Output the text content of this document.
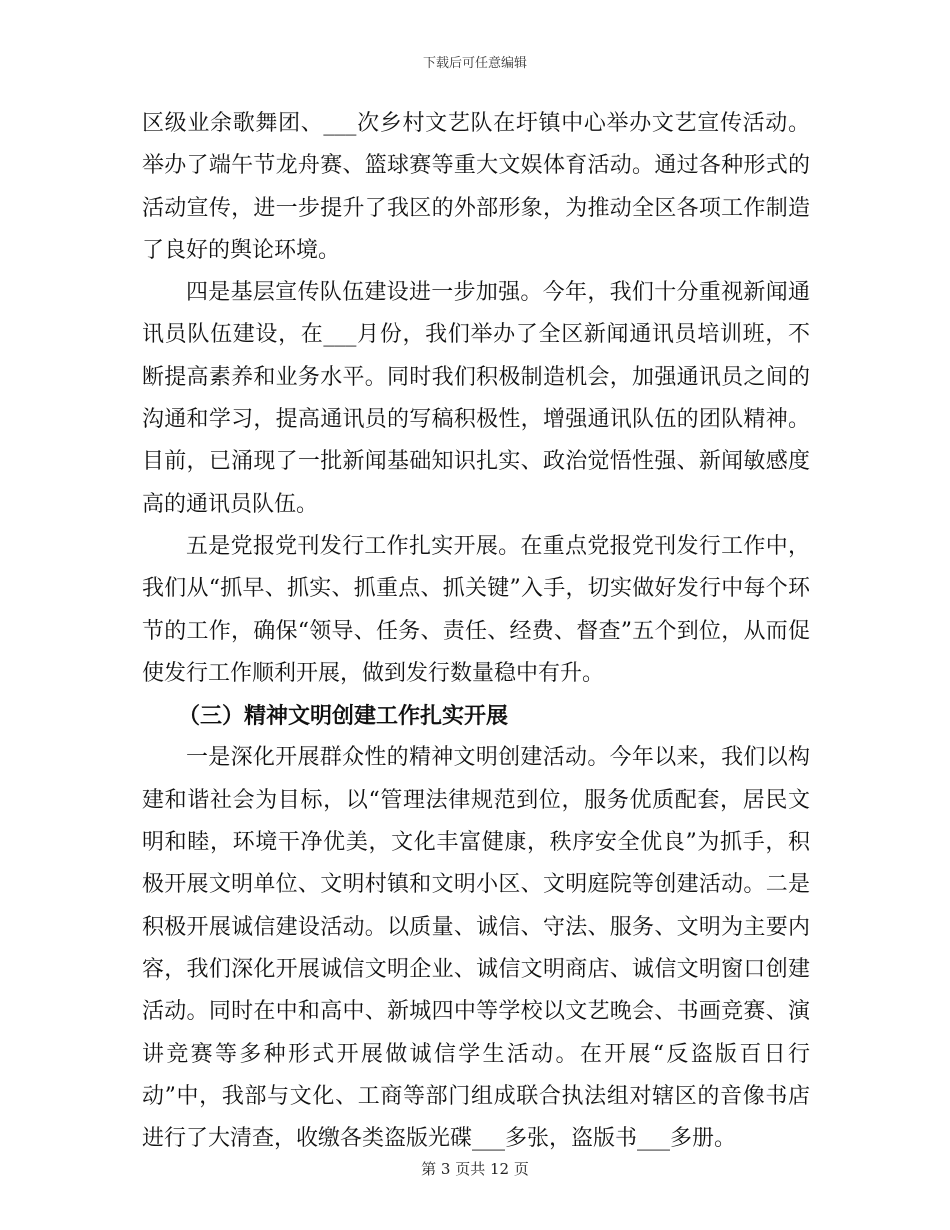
下载后可任意编辑

区级业余歌舞团、___次乡村文艺队在圩镇中心举办文艺宣传活动。举办了端午节龙舟赛、篮球赛等重大文娱体育活动。通过各种形式的活动宣传，进一步提升了我区的外部形象，为推动全区各项工作制造了良好的舆论环境。

四是基层宣传队伍建设进一步加强。今年，我们十分重视新闻通讯员队伍建设，在___月份，我们举办了全区新闻通讯员培训班，不断提高素养和业务水平。同时我们积极制造机会，加强通讯员之间的沟通和学习，提高通讯员的写稿积极性，增强通讯队伍的团队精神。目前，已涌现了一批新闻基础知识扎实、政治觉悟性强、新闻敏感度高的通讯员队伍。

五是党报党刊发行工作扎实开展。在重点党报党刊发行工作中，我们从“抓早、抓实、抓重点、抓关键”入手，切实做好发行中每个环节的工作，确保“领导、任务、责任、经费、督查”五个到位，从而促使发行工作顺利开展，做到发行数量稳中有升。

（三）精神文明创建工作扎实开展

一是深化开展群众性的精神文明创建活动。今年以来，我们以构建和谐社会为目标，以“管理法律规范到位，服务优质配套，居民文明和睦，环境干净优美，文化丰富健康，秩序安全优良”为抓手，积极开展文明单位、文明村镇和文明小区、文明庭院等创建活动。二是积极开展诚信建设活动。以质量、诚信、守法、服务、文明为主要内容，我们深化开展诚信文明企业、诚信文明商店、诚信文明窗口创建活动。同时在中和高中、新城四中等学校以文艺晚会、书画竞赛、演讲竞赛等多种形式开展做诚信学生活动。在开展“反盗版百日行动”中，我部与文化、工商等部门组成联合执法组对辖区的音像书店进行了大清查，收缴各类盗版光碟___多张，盗版书___多册。

第 3 页共 12 页
